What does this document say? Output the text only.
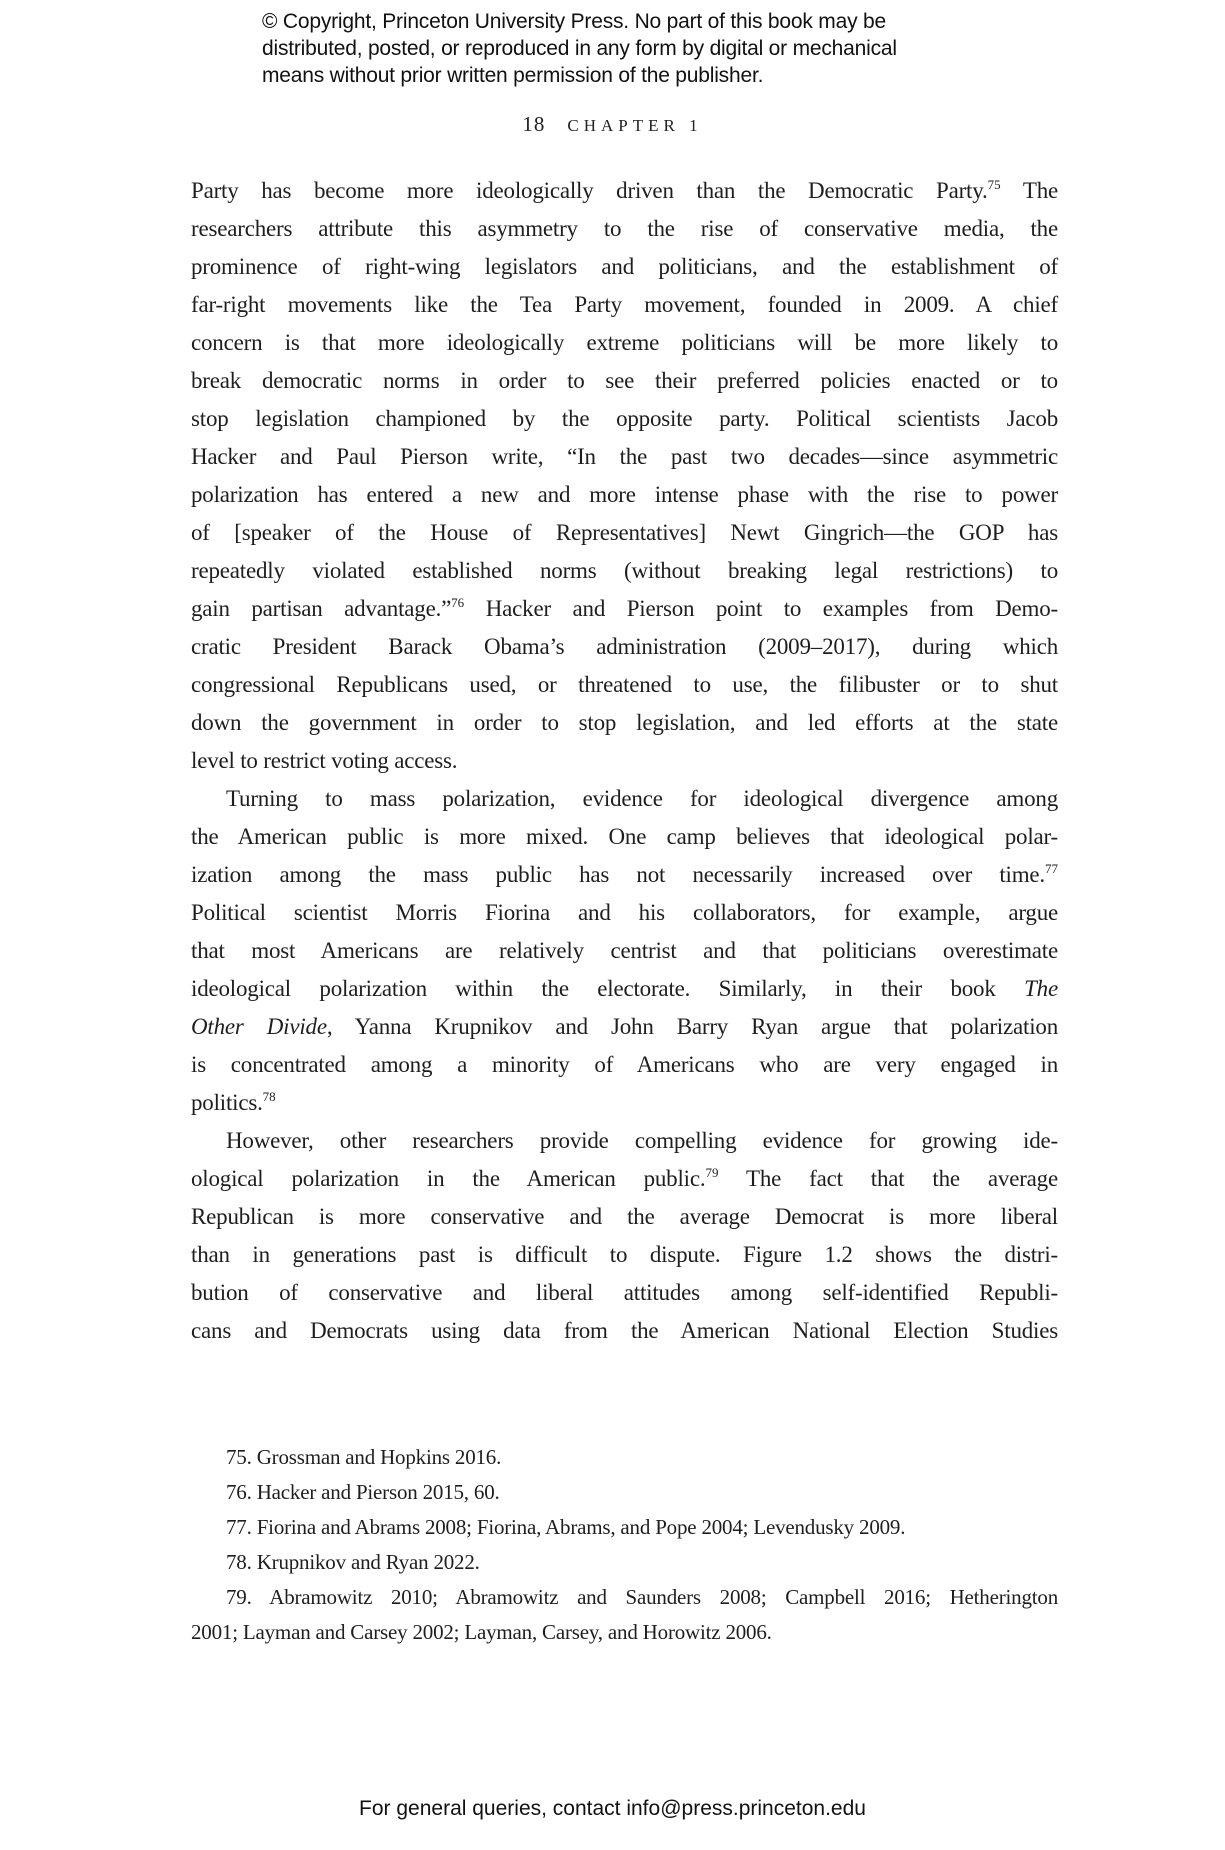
© Copyright, Princeton University Press. No part of this book may be
distributed, posted, or reproduced in any form by digital or mechanical
means without prior written permission of the publisher.
18 CHAPTER 1
Party has become more ideologically driven than the Democratic Party.$^{75}$ The
researchers attribute this asymmetry to the rise of conservative media, the
prominence of right-wing legislators and politicians, and the establishment of
far-right movements like the Tea Party movement, founded in 2009. A chief
concern is that more ideologically extreme politicians will be more likely to
break democratic norms in order to see their preferred policies enacted or to
stop legislation championed by the opposite party. Political scientists Jacob
Hacker and Paul Pierson write, “In the past two decades—since asymmetric
polarization has entered a new and more intense phase with the rise to power
of [speaker of the House of Representatives] Newt Gingrich—the GOP has
repeatedly violated established norms (without breaking legal restrictions) to
gain partisan advantage.”$^{76}$ Hacker and Pierson point to examples from Demo-
cratic President Barack Obama’s administration (2009–2017), during which
congressional Republicans used, or threatened to use, the filibuster or to shut
down the government in order to stop legislation, and led efforts at the state
level to restrict voting access.
Turning to mass polarization, evidence for ideological divergence among
the American public is more mixed. One camp believes that ideological polar-
ization among the mass public has not necessarily increased over time.$^{77}$
Political scientist Morris Fiorina and his collaborators, for example, argue
that most Americans are relatively centrist and that politicians overestimate
ideological polarization within the electorate. Similarly, in their book The
Other Divide, Yanna Krupnikov and John Barry Ryan argue that polarization
is concentrated among a minority of Americans who are very engaged in
politics.$^{78}$
However, other researchers provide compelling evidence for growing ide-
ological polarization in the American public.$^{79}$ The fact that the average
Republican is more conservative and the average Democrat is more liberal
than in generations past is difficult to dispute. Figure 1.2 shows the distri-
bution of conservative and liberal attitudes among self-identified Republi-
cans and Democrats using data from the American National Election Studies
75. Grossman and Hopkins 2016.
76. Hacker and Pierson 2015, 60.
77. Fiorina and Abrams 2008; Fiorina, Abrams, and Pope 2004; Levendusky 2009.
78. Krupnikov and Ryan 2022.
79. Abramowitz 2010; Abramowitz and Saunders 2008; Campbell 2016; Hetherington
2001; Layman and Carsey 2002; Layman, Carsey, and Horowitz 2006.
For general queries, contact info@press.princeton.edu
